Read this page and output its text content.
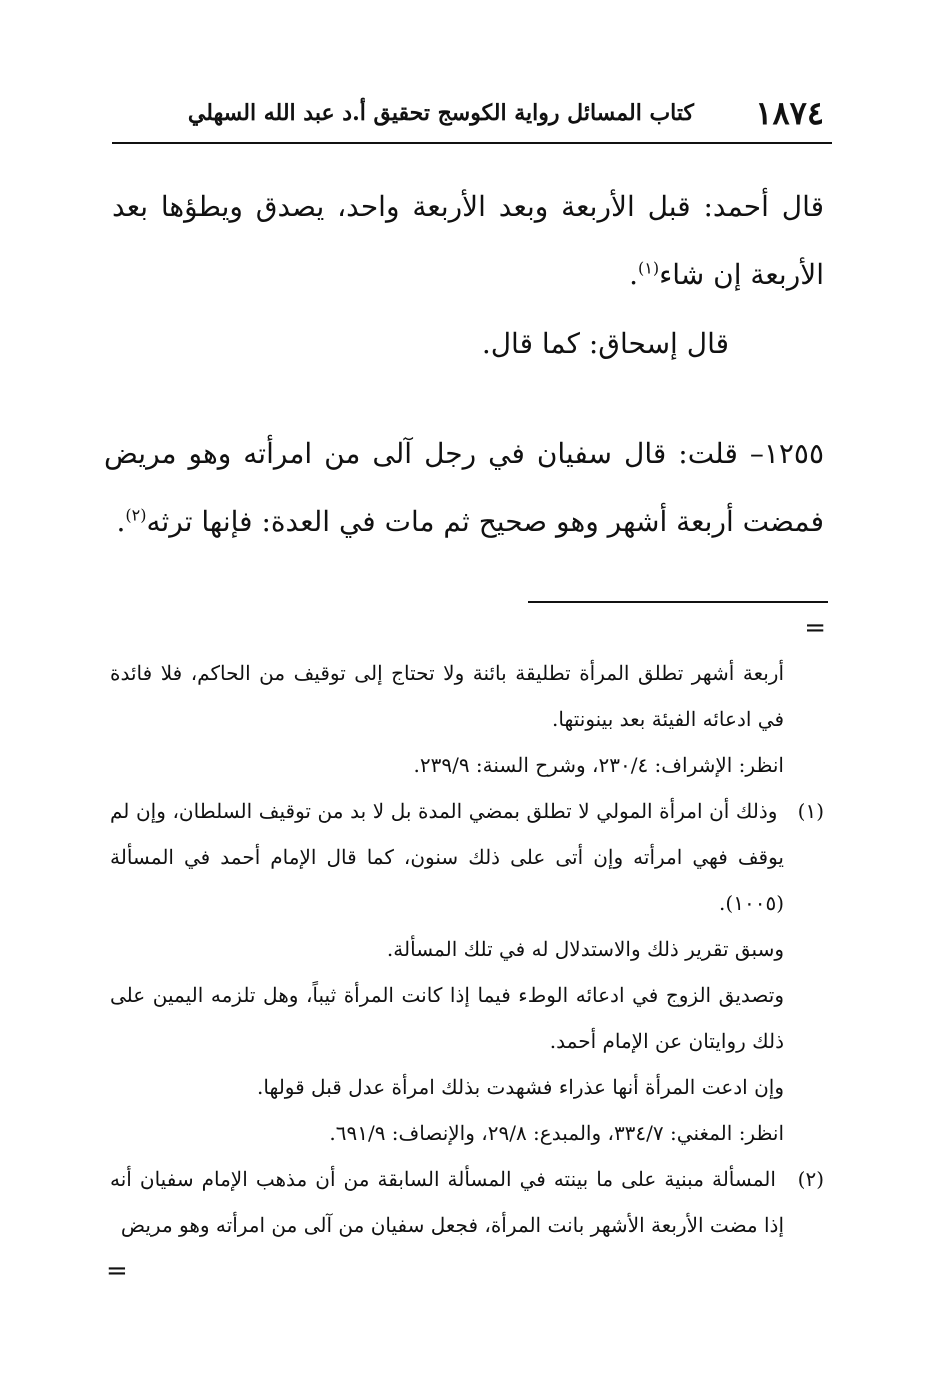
١٨٧٤
كتاب المسائل رواية الكوسج تحقيق أ.د عبد الله السهلي
قال أحمد: قبل الأربعة وبعد الأربعة واحد، يصدق ويطؤها بعد الأربعة إن شاء$^{(١)}$.
قال إسحاق: كما قال.
١٢٥٥– قلت: قال سفيان في رجل آلى من امرأته وهو مريض فمضت أربعة أشهر وهو صحيح ثم مات في العدة: فإنها ترثه$^{(٢)}$.
=

أربعة أشهر تطلق المرأة تطليقة بائنة ولا تحتاج إلى توقيف من الحاكم، فلا فائدة في ادعائه الفيئة بعد بينونتها.

انظر: الإشراف: ٤/‏٢٣٠، وشرح السنة: ٩/‏٢٣٩.

(١) وذلك أن امرأة المولي لا تطلق بمضي المدة بل لا بد من توقيف السلطان، وإن لم يوقف فهي امرأته وإن أتى على ذلك سنون، كما قال الإمام أحمد في المسألة (١٠٠٥).

وسبق تقرير ذلك والاستدلال له في تلك المسألة.

وتصديق الزوج في ادعائه الوطء فيما إذا كانت المرأة ثيباً، وهل تلزمه اليمين على ذلك روايتان عن الإمام أحمد.

وإن ادعت المرأة أنها عذراء فشهدت بذلك امرأة عدل قبل قولها.

انظر: المغني: ٧/‏٣٣٤، والمبدع: ٨/‏٢٩، والإنصاف: ٩/‏٦٩١.

(٢) المسألة مبنية على ما بينته في المسألة السابقة من أن مذهب الإمام سفيان أنه إذا مضت الأربعة الأشهر بانت المرأة، فجعل سفيان من آلى من امرأته وهو مريض

=
